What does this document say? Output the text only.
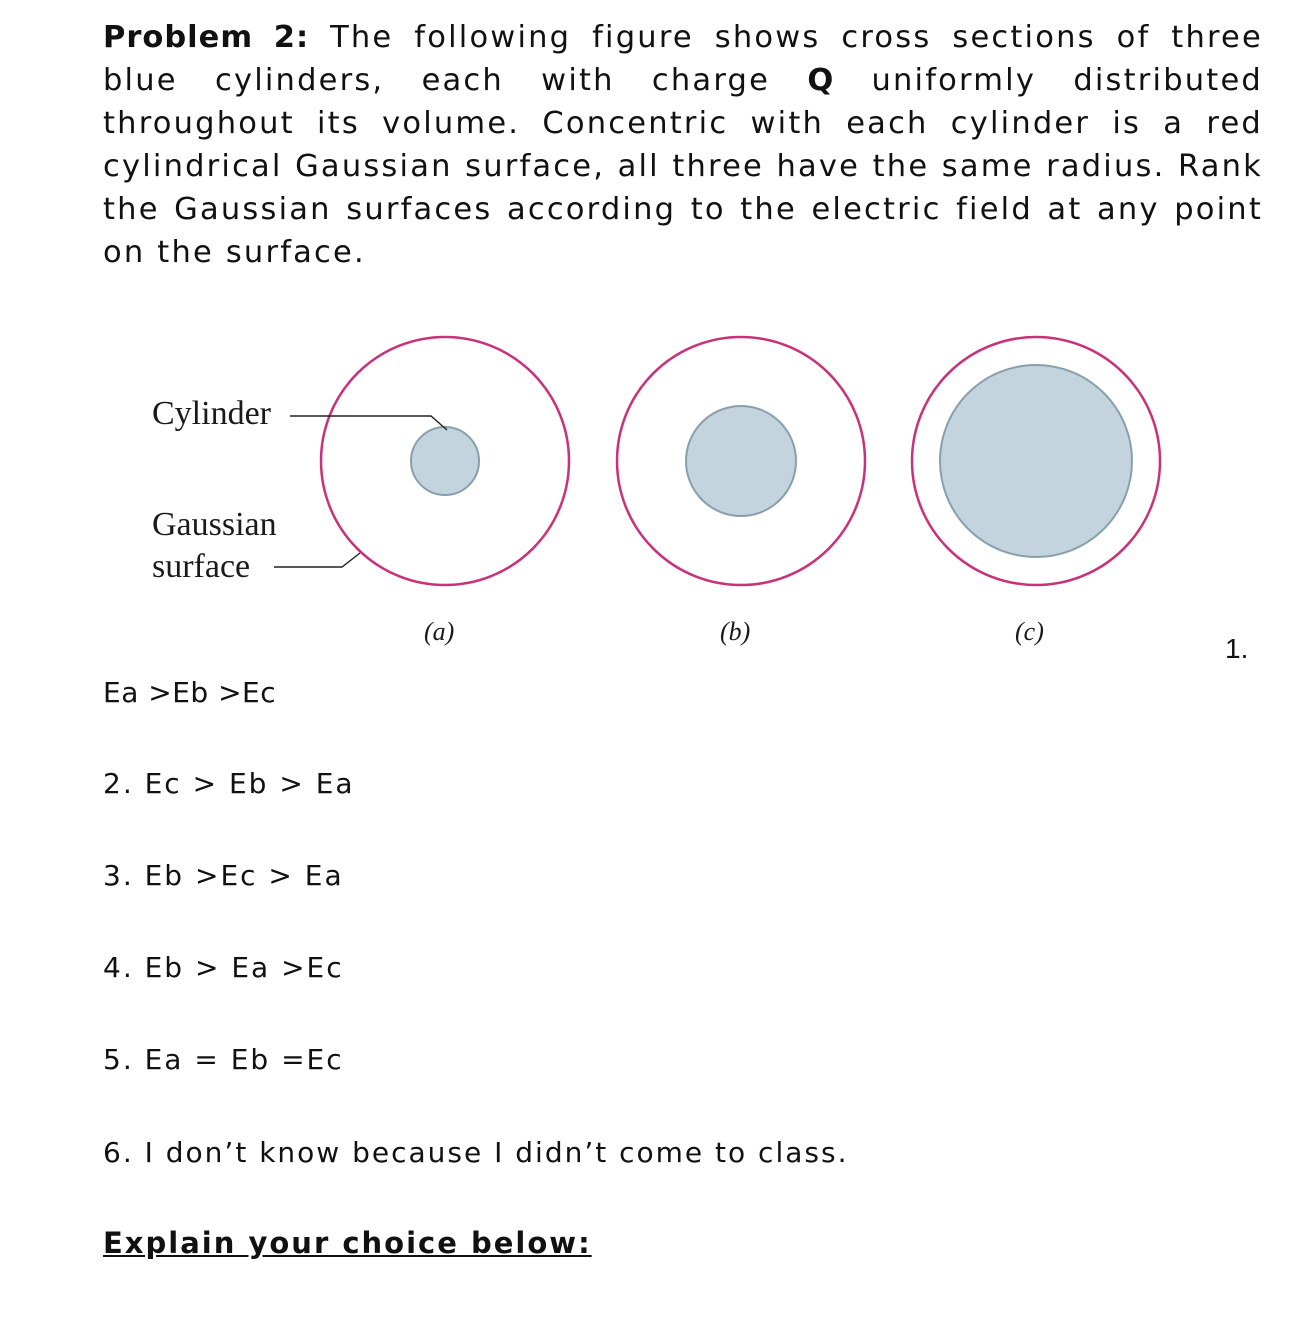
Problem 2: The following figure shows cross sections of three blue cylinders, each with charge Q uniformly distributed throughout its volume. Concentric with each cylinder is a red cylindrical Gaussian surface, all three have the same radius. Rank the Gaussian surfaces according to the electric field at any point on the surface.

Cylinder
Gaussian
surface
(a)	(b)	(c)

1.

Ea >Eb >Ec

2. Ec > Eb > Ea

3. Eb >Ec > Ea

4. Eb > Ea >Ec

5. Ea = Eb =Ec

6. I don’t know because I didn’t come to class.

Explain your choice below:
